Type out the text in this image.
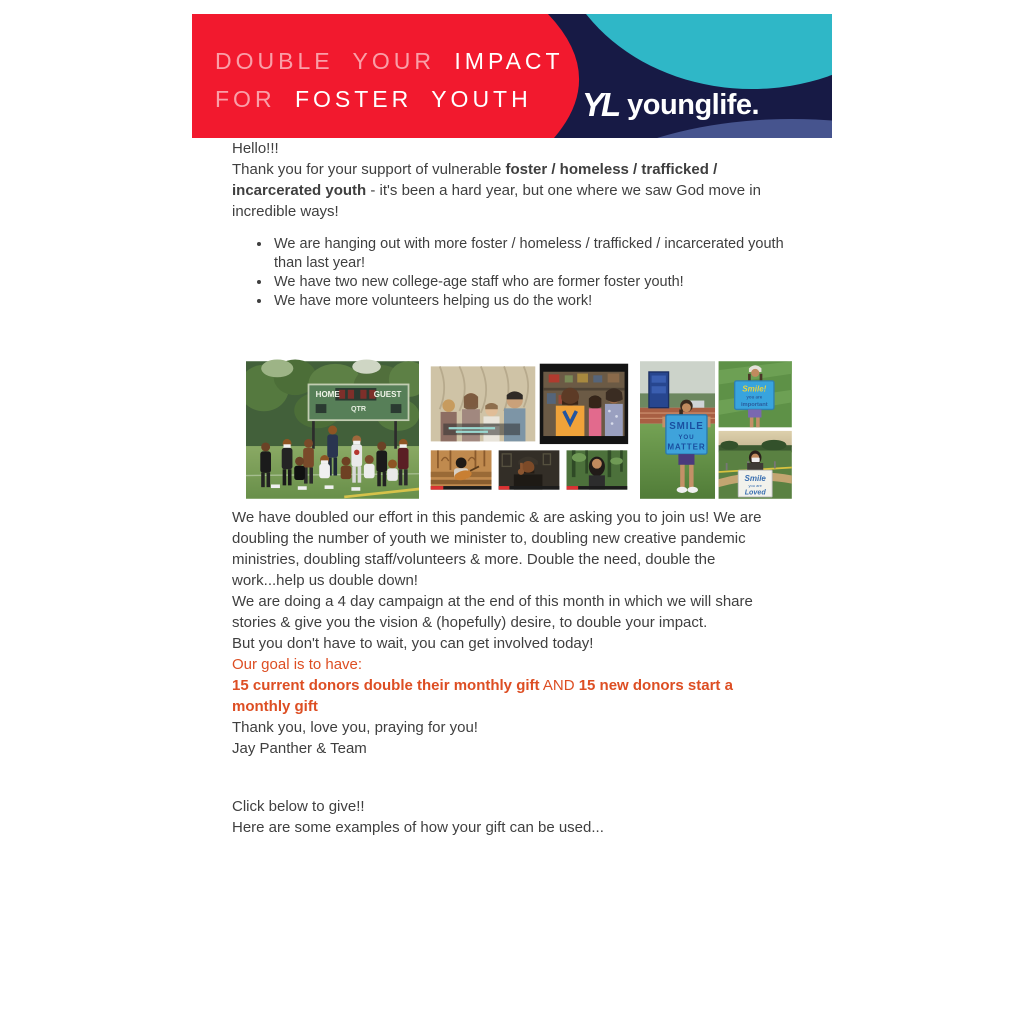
DOUBLE YOUR IMPACT
FOR FOSTER YOUTH	YL younglife.

Hello!!!

Thank you for your support of vulnerable foster / homeless / trafficked / incarcerated youth - it's been a hard year, but one where we saw God move in incredible ways!

• We are hanging out with more foster / homeless / trafficked / incarcerated youth than last year!
• We have two new college-age staff who are former foster youth!
• We have more volunteers helping us do the work!
HOME	GUEST
QTR
SMILE
YOU
MATTER
Smile!
you are
important
Smile
you are
Loved

We have doubled our effort in this pandemic & are asking you to join us! We are doubling the number of youth we minister to, doubling new creative pandemic ministries, doubling staff/volunteers & more. Double the need, double the work...help us double down!

We are doing a 4 day campaign at the end of this month in which we will share stories & give you the vision & (hopefully) desire, to double your impact.

But you don't have to wait, you can get involved today!

Our goal is to have:

15 current donors double their monthly gift AND 15 new donors start a monthly gift

Thank you, love you, praying for you!

Jay Panther & Team

Click below to give!!
Here are some examples of how your gift can be used...
